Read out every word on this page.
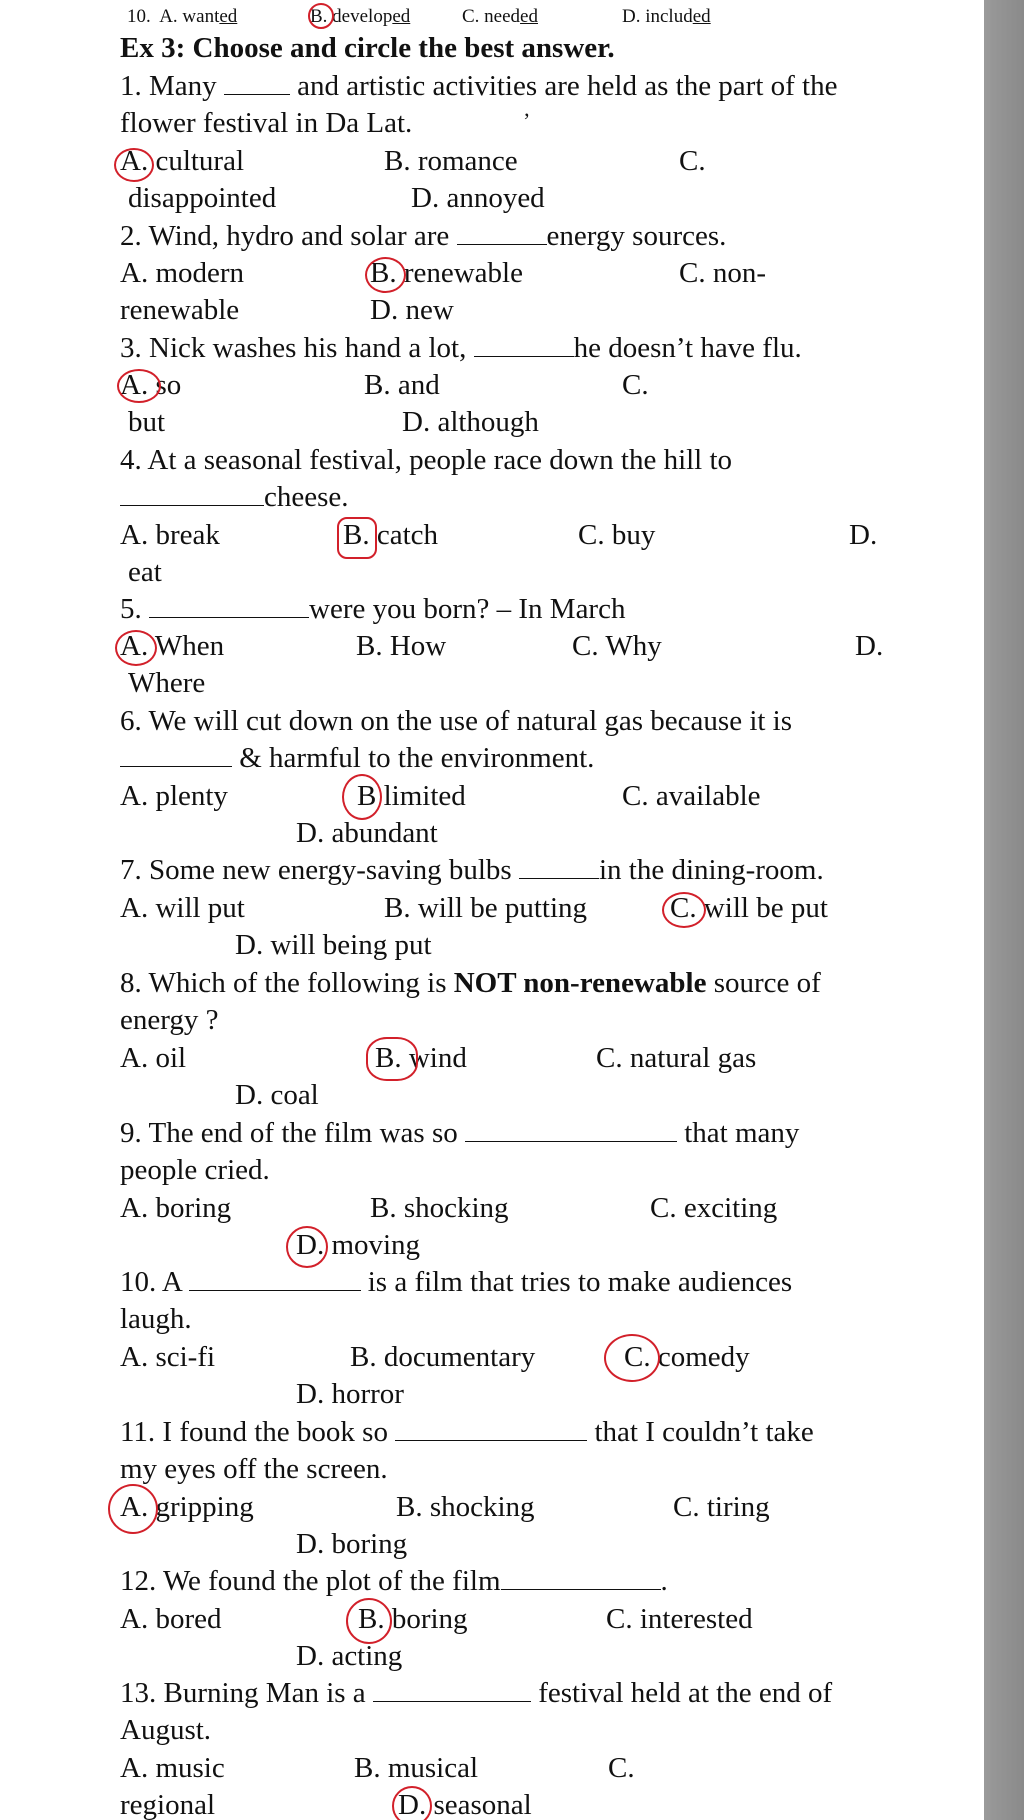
10. A. wanted	B. developed	C. needed	D. included
Ex 3: Choose and circle the best answer.
1. Many	and artistic activities are held as the part of the
flower festival in Da Lat.	’
A. cultural	B. romance	C.
disappointed	D. annoyed
2. Wind, hydro and solar are	energy sources.
A. modern	B. renewable	C. non-
renewable	D. new
3. Nick washes his hand a lot,	he doesn’t have flu.
A. so	B. and	C.
but	D. although
4. At a seasonal festival, people race down the hill to
cheese.
A. break	B. catch	C. buy	D.
eat
5.	were you born? – In March
A. When	B. How	C. Why	D.
Where
6. We will cut down on the use of natural gas because it is
& harmful to the environment.
A. plenty	B limited	C. available
D. abundant
7. Some new energy-saving bulbs	in the dining-room.
A. will put	B. will be putting	C. will be put
D. will being put
8. Which of the following is NOT non-renewable source of
energy ?
A. oil	B. wind	C. natural gas
D. coal
9. The end of the film was so	that many
people cried.
A. boring	B. shocking	C. exciting
D. moving
10. A	is a film that tries to make audiences
laugh.
A. sci-fi	B. documentary	C. comedy
D. horror
11. I found the book so	that I couldn’t take
my eyes off the screen.
A. gripping	B. shocking	C. tiring
D. boring
12. We found the plot of the film	.
A. bored	B. boring	C. interested
D. acting
13. Burning Man is a	festival held at the end of
August.
A. music	B. musical	C.
regional	D. seasonal
